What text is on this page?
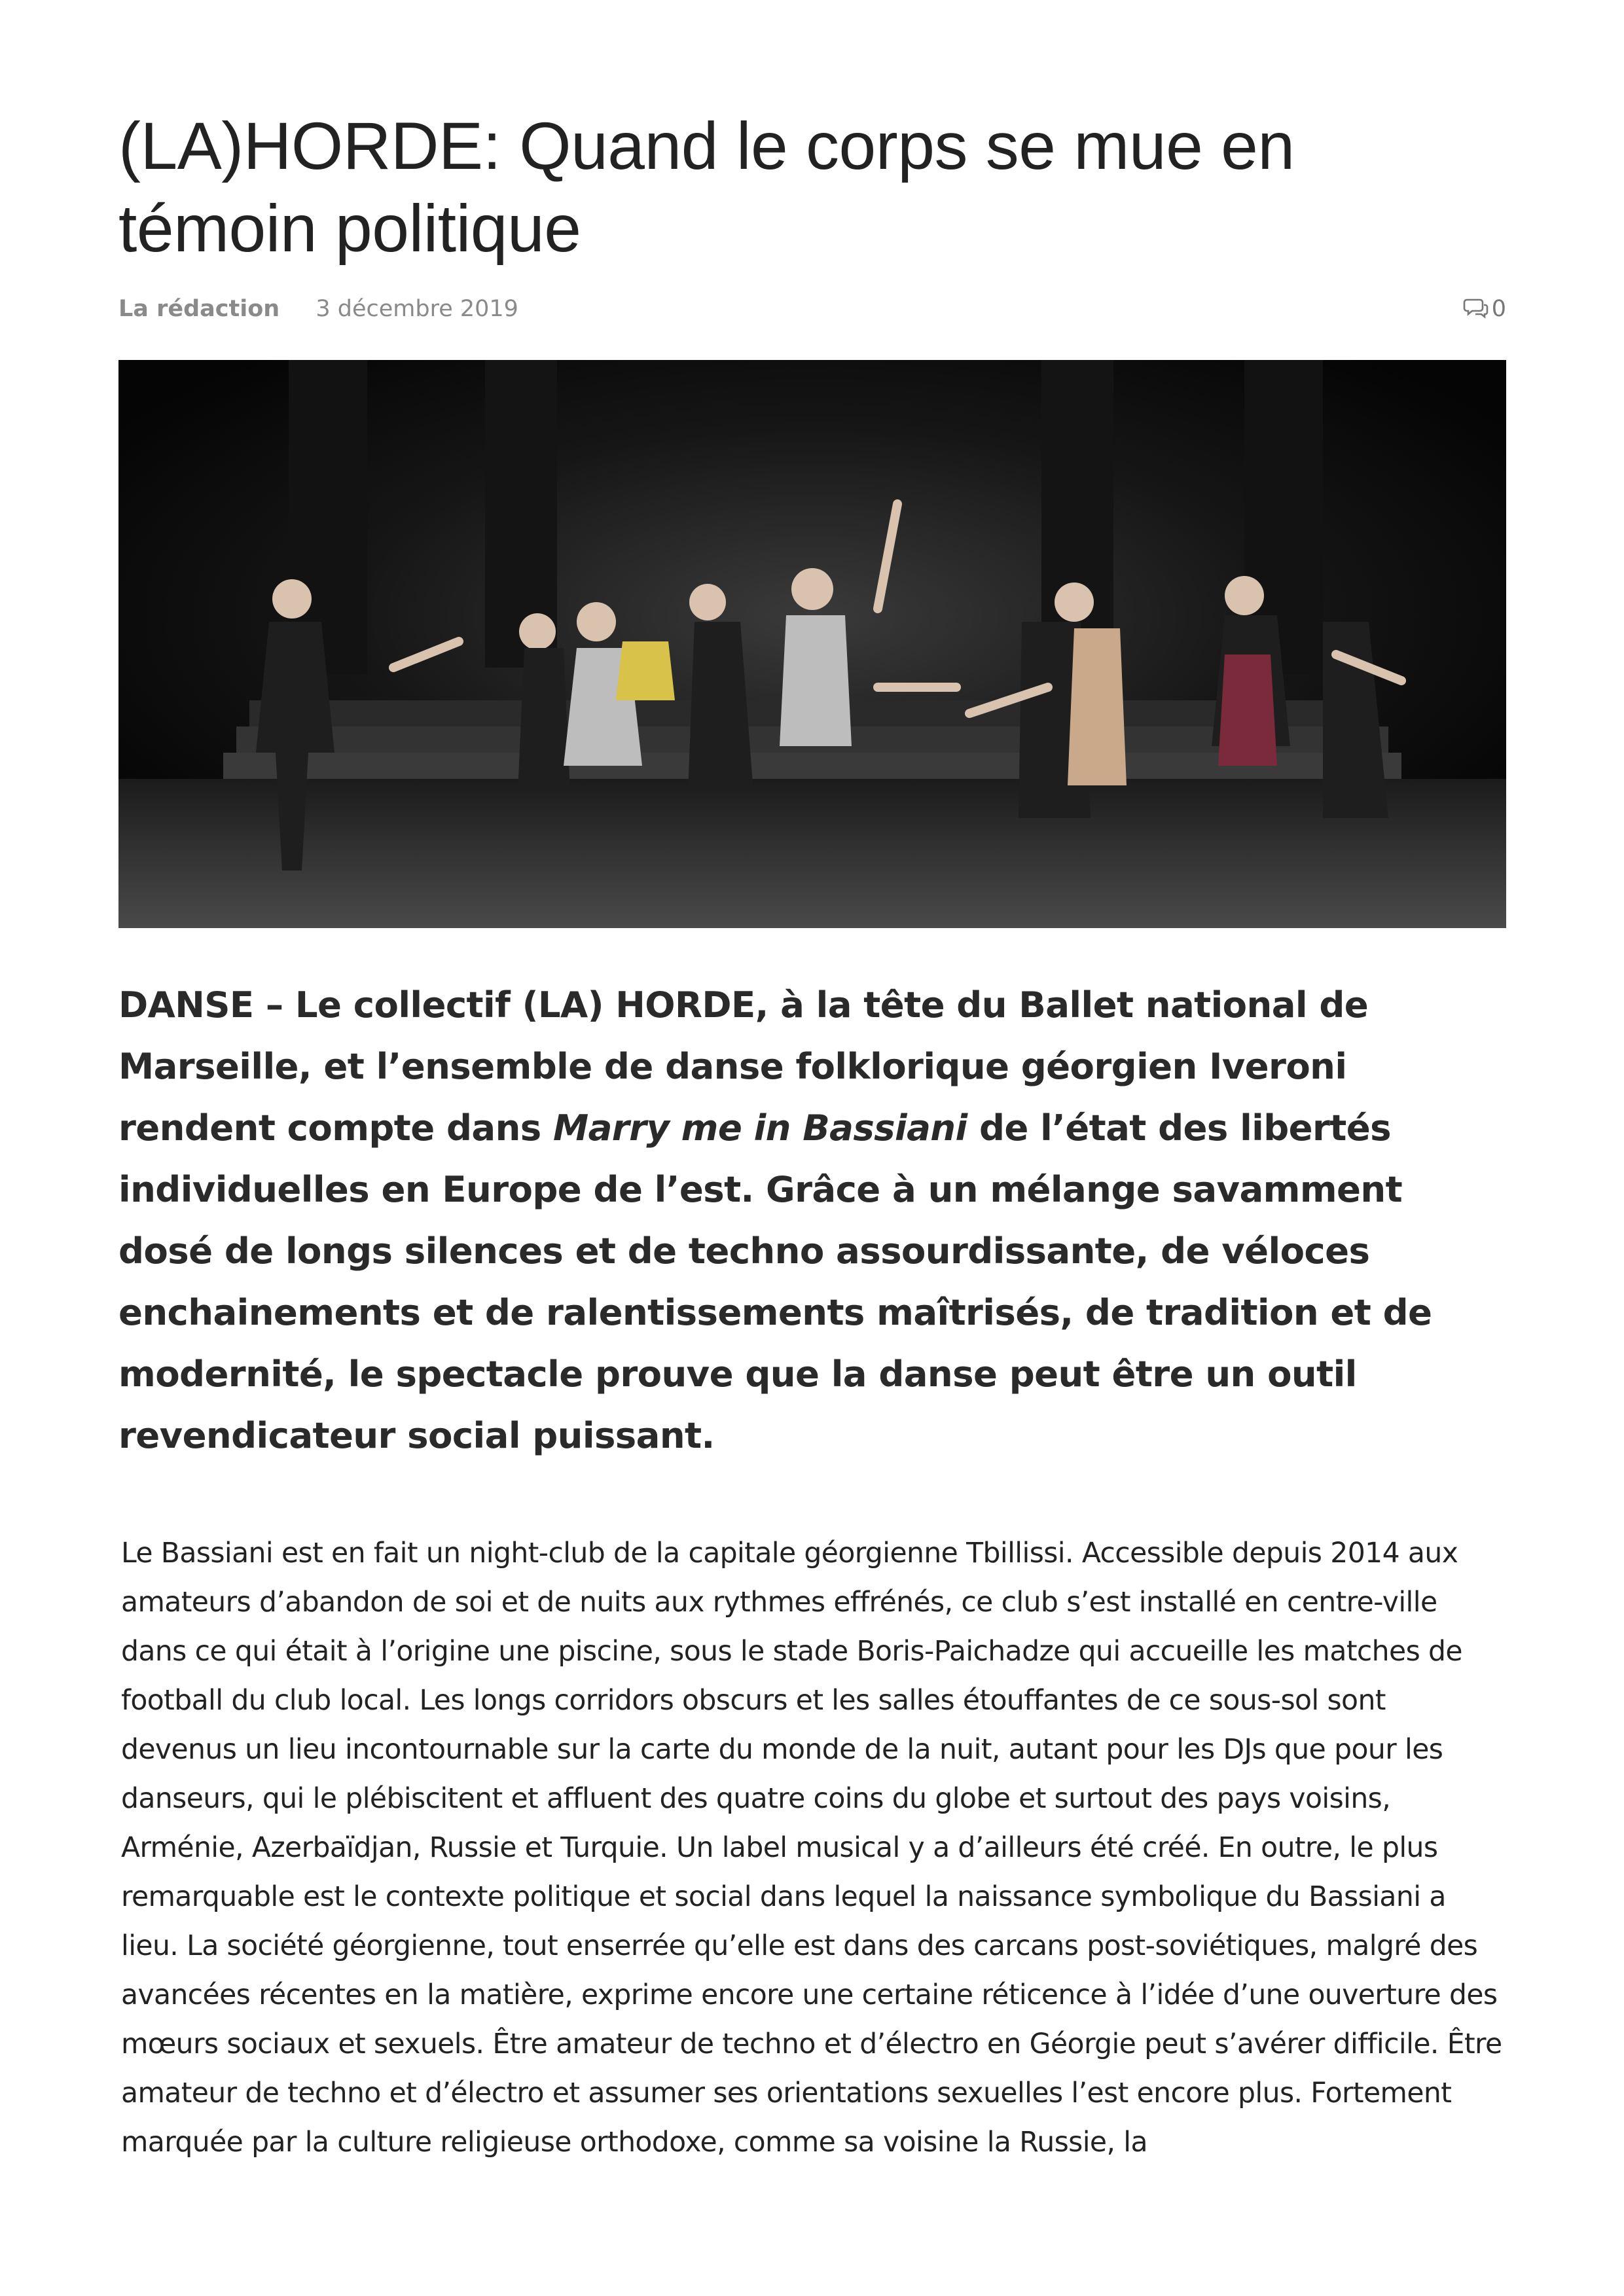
(LA)HORDE: Quand le corps se mue en témoin politique
La rédaction 3 décembre 2019	0

DANSE – Le collectif (LA) HORDE, à la tête du Ballet national de Marseille, et l’ensemble de danse folklorique géorgien Iveroni rendent compte dans Marry me in Bassiani de l’état des libertés individuelles en Europe de l’est. Grâce à un mélange savamment dosé de longs silences et de techno assourdissante, de véloces enchainements et de ralentissements maîtrisés, de tradition et de modernité, le spectacle prouve que la danse peut être un outil revendicateur social puissant.

Le Bassiani est en fait un night-club de la capitale géorgienne Tbillissi. Accessible depuis 2014 aux amateurs d’abandon de soi et de nuits aux rythmes effrénés, ce club s’est installé en centre-ville dans ce qui était à l’origine une piscine, sous le stade Boris-Paichadze qui accueille les matches de football du club local. Les longs corridors obscurs et les salles étouffantes de ce sous-sol sont devenus un lieu incontournable sur la carte du monde de la nuit, autant pour les DJs que pour les danseurs, qui le plébiscitent et affluent des quatre coins du globe et surtout des pays voisins, Arménie, Azerbaïdjan, Russie et Turquie. Un label musical y a d’ailleurs été créé. En outre, le plus remarquable est le contexte politique et social dans lequel la naissance symbolique du Bassiani a lieu. La société géorgienne, tout enserrée qu’elle est dans des carcans post-soviétiques, malgré des avancées récentes en la matière, exprime encore une certaine réticence à l’idée d’une ouverture des mœurs sociaux et sexuels. Être amateur de techno et d’électro en Géorgie peut s’avérer difficile. Être amateur de techno et d’électro et assumer ses orientations sexuelles l’est encore plus. Fortement marquée par la culture religieuse orthodoxe, comme sa voisine la Russie, la
